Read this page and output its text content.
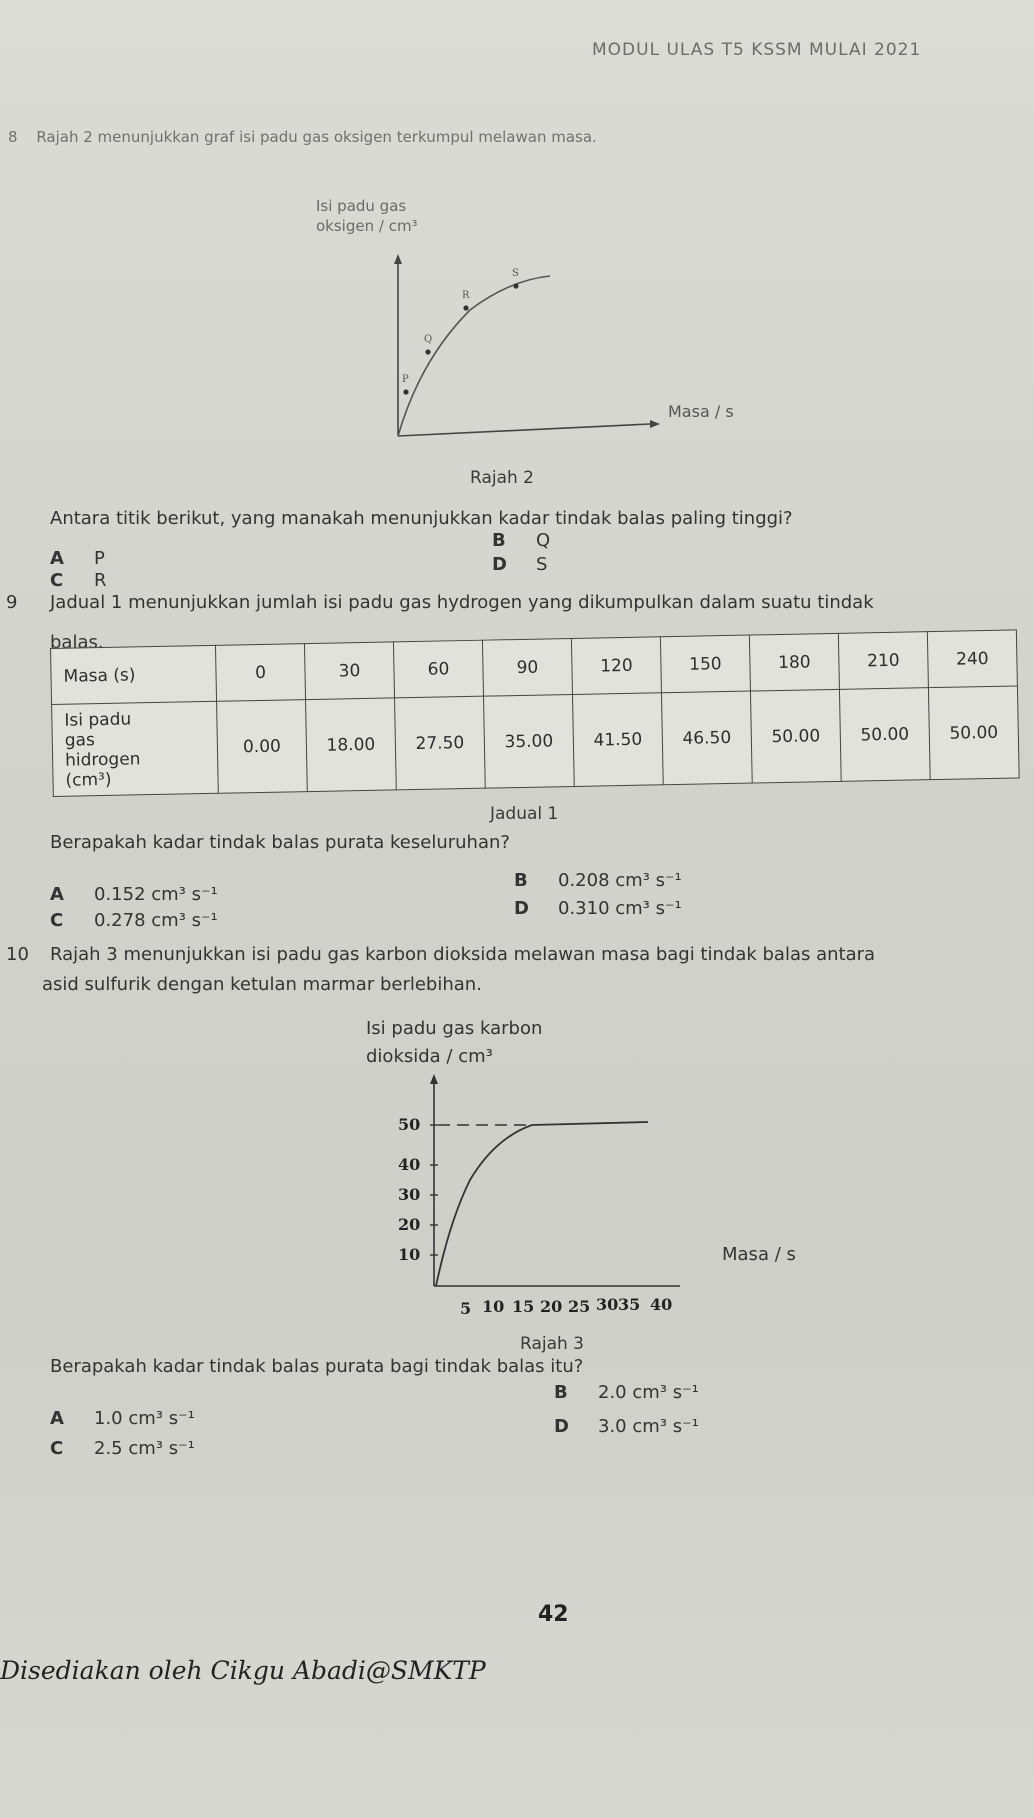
MODUL ULAS T5 KSSM MULAI 2021
8 Rajah 2 menunjukkan graf isi padu gas oksigen terkumpul melawan masa.
Isi padu gas
oksigen / cm³
P
Q
R
S
Masa / s
Rajah 2
Antara titik berikut, yang manakah menunjukkan kadar tindak balas paling tinggi?
A P
B Q
C R
D S
9 Jadual 1 menunjukkan jumlah isi padu gas hydrogen yang dikumpulkan dalam suatu tindak
balas.
Masa (s)	0	30	60	90	120	150	180	210	240

Isi padu
gas
hidrogen
(cm³)	0.00	18.00	27.50	35.00	41.50	46.50	50.00	50.00	50.00
Jadual 1
Berapakah kadar tindak balas purata keseluruhan?
A 0.152 cm³ s⁻¹
B 0.208 cm³ s⁻¹
C 0.278 cm³ s⁻¹
D 0.310 cm³ s⁻¹
10 Rajah 3 menunjukkan isi padu gas karbon dioksida melawan masa bagi tindak balas antara
asid sulfurik dengan ketulan marmar berlebihan.
Isi padu gas karbon
dioksida / cm³
10
20
30
40
50
5 10 15 20 25 30 35 40
Masa / s
Rajah 3
Berapakah kadar tindak balas purata bagi tindak balas itu?
A 1.0 cm³ s⁻¹
B 2.0 cm³ s⁻¹
C 2.5 cm³ s⁻¹
D 3.0 cm³ s⁻¹
42
Disediakan oleh Cikgu Abadi@SMKTP
